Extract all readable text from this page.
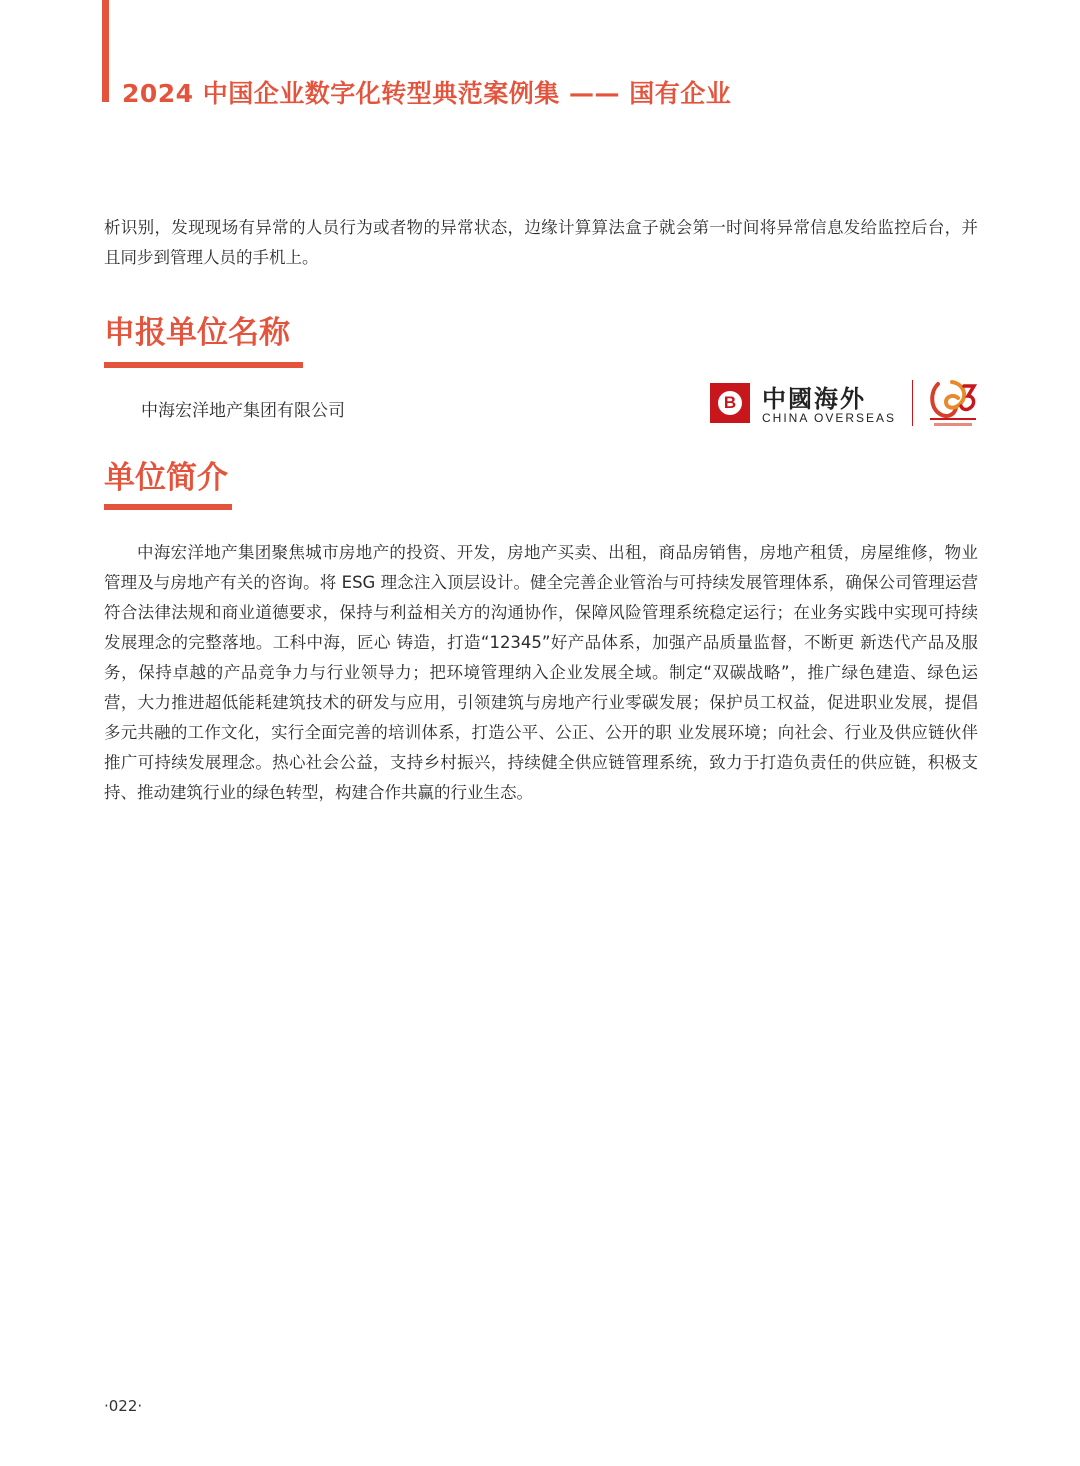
2024 中国企业数字化转型典范案例集 —— 国有企业

析识别，发现现场有异常的人员行为或者物的异常状态，边缘计算算法盒子就会第一时间将异常信息发给监控后台，并且同步到管理人员的手机上。

申报单位名称
中海宏洋地产集团有限公司	B 中國海外
CHINA OVERSEAS
单位简介

中海宏洋地产集团聚焦城市房地产的投资、开发，房地产买卖、出租，商品房销售，房地产租赁，房屋维修，物业管理及与房地产有关的咨询。将 ESG 理念注入顶层设计。健全完善企业管治与可持续发展管理体系，确保公司管理运营符合法律法规和商业道德要求，保持与利益相关方的沟通协作，保障风险管理系统稳定运行；在业务实践中实现可持续发展理念的完整落地。工科中海，匠心 铸造，打造“12345”好产品体系，加强产品质量监督，不断更 新迭代产品及服务，保持卓越的产品竞争力与行业领导力；把环境管理纳入企业发展全域。制定“双碳战略”，推广绿色建造、绿色运营，大力推进超低能耗建筑技术的研发与应用，引领建筑与房地产行业零碳发展；保护员工权益，促进职业发展，提倡多元共融的工作文化，实行全面完善的培训体系，打造公平、公正、公开的职 业发展环境；向社会、行业及供应链伙伴推广可持续发展理念。热心社会公益，支持乡村振兴，持续健全供应链管理系统，致力于打造负责任的供应链，积极支持、推动建筑行业的绿色转型，构建合作共赢的行业生态。

·022·
